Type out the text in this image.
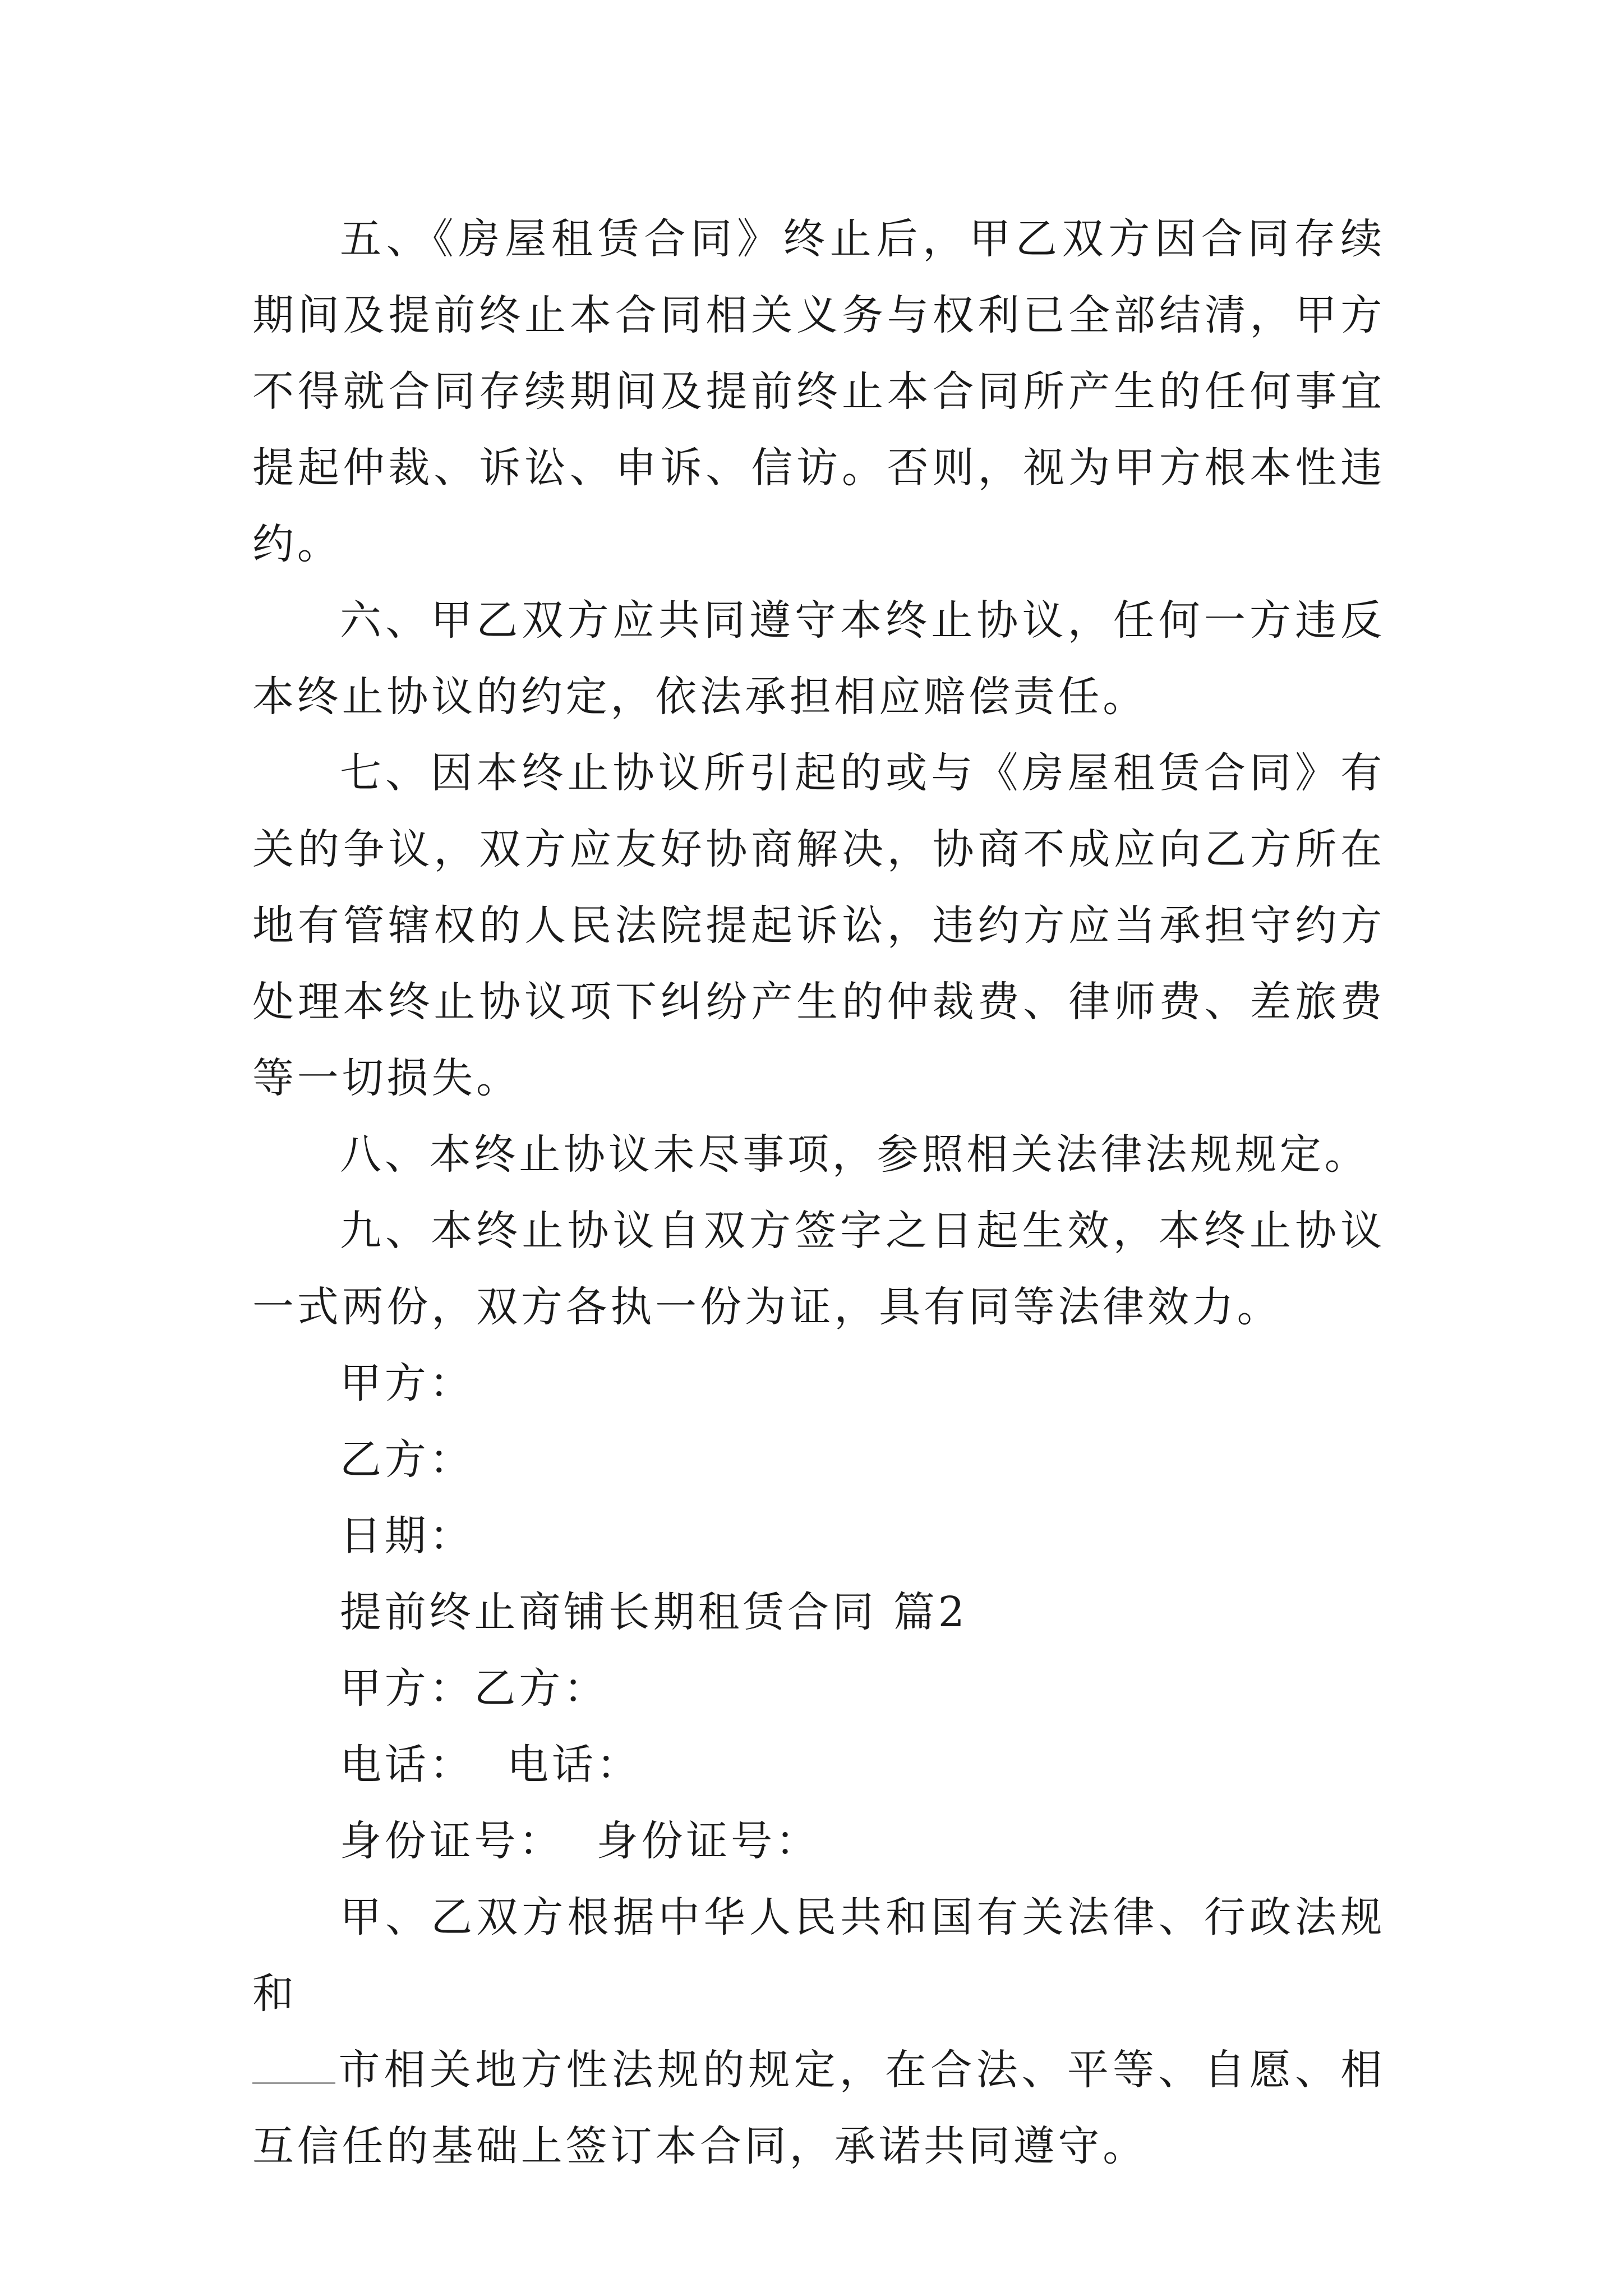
五、《房屋租赁合同》终止后，甲乙双方因合同存续期间及提前终止本合同相关义务与权利已全部结清，甲方不得就合同存续期间及提前终止本合同所产生的任何事宜提起仲裁、诉讼、申诉、信访。否则，视为甲方根本性违约。

六、甲乙双方应共同遵守本终止协议，任何一方违反本终止协议的约定，依法承担相应赔偿责任。

七、因本终止协议所引起的或与《房屋租赁合同》有关的争议，双方应友好协商解决，协商不成应向乙方所在地有管辖权的人民法院提起诉讼，违约方应当承担守约方处理本终止协议项下纠纷产生的仲裁费、律师费、差旅费等一切损失。

八、本终止协议未尽事项，参照相关法律法规规定。

九、本终止协议自双方签字之日起生效，本终止协议一式两份，双方各执一份为证，具有同等法律效力。

甲方：

乙方：

日期：

提前终止商铺长期租赁合同 篇2

甲方：乙方：

电话：  电话：

身份证号：  身份证号：

甲、乙双方根据中华人民共和国有关法律、行政法规和
市相关地方性法规的规定，在合法、平等、自愿、相互信任的基础上签订本合同，承诺共同遵守。
